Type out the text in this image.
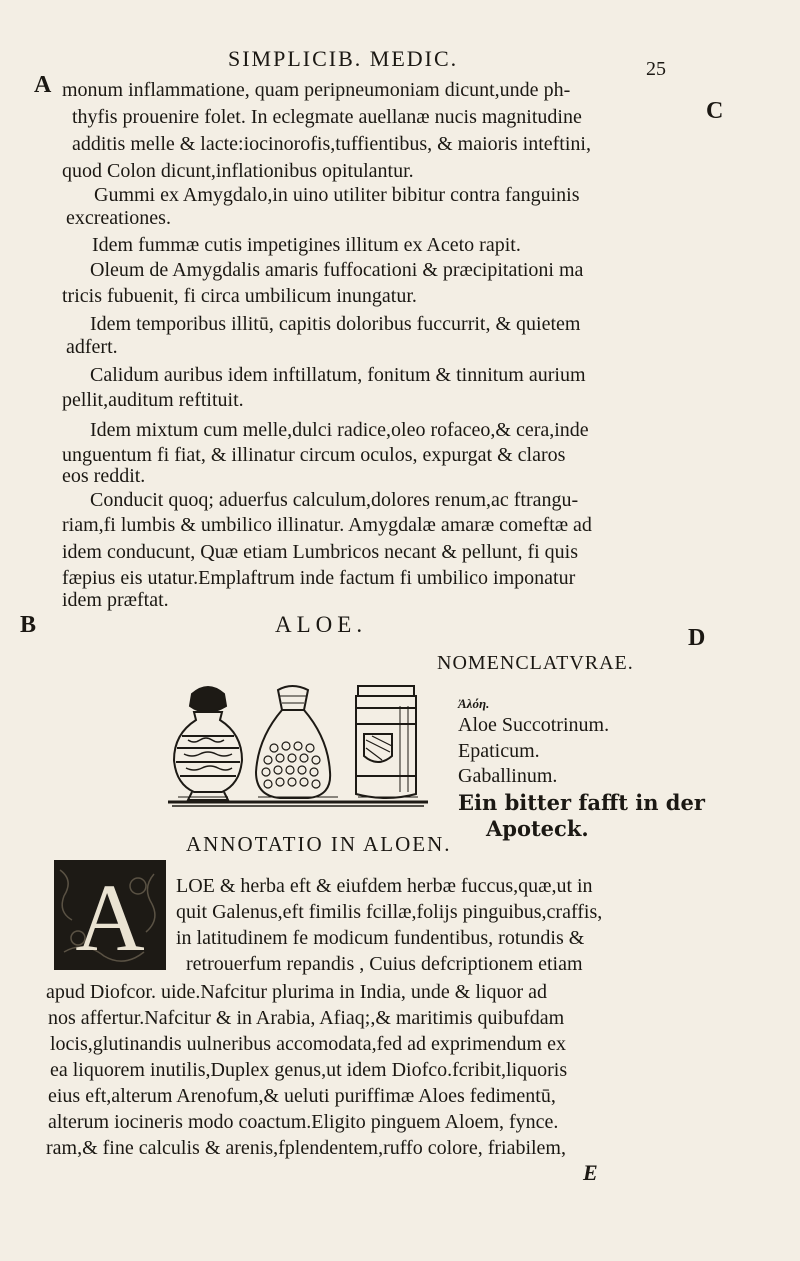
SIMPLICIB. MEDIC.	25
A
C
B	D
E
monum inflammatione, quam peripneumoniam dicunt,unde ph-
thyfis prouenire folet. In eclegmate auellanæ nucis magnitudine
additis melle & lacte:iocinorofis,tuffientibus, & maioris inteftini,
quod Colon dicunt,inflationibus opitulantur.
Gummi ex Amygdalo,in uino utiliter bibitur contra fanguinis
excreationes.
Idem fummæ cutis impetigines illitum ex Aceto rapit.
Oleum de Amygdalis amaris fuffocationi & præcipitationi ma
tricis fubuenit, fi circa umbilicum inungatur.
Idem temporibus illitū, capitis doloribus fuccurrit, & quietem
adfert.
Calidum auribus idem inftillatum, fonitum & tinnitum aurium
pellit,auditum reftituit.
Idem mixtum cum melle,dulci radice,oleo rofaceo,& cera,inde
unguentum fi fiat, & illinatur circum oculos, expurgat & claros
eos reddit.
Conducit quoq; aduerfus calculum,dolores renum,ac ftrangu-
riam,fi lumbis & umbilico illinatur. Amygdalæ amaræ comeftæ ad
idem conducunt, Quæ etiam Lumbricos necant & pellunt, fi quis
fæpius eis utatur.Emplaftrum inde factum fi umbilico imponatur
idem præftat.
ALOE.
NOMENCLATVRAE.
Ἀλόη.
Aloe Succotrinum.
Epaticum.
Gaballinum.
Ein bitter fafft in der
Apoteck.
ANNOTATIO IN ALOEN.
A	LOE & herba eft & eiufdem herbæ fuccus,quæ,ut in
quit Galenus,eft fimilis fcillæ,folijs pinguibus,craffis,
in latitudinem fe modicum fundentibus, rotundis &
retrouerfum repandis , Cuius defcriptionem etiam
apud Diofcor. uide.Nafcitur plurima in India, unde & liquor ad
nos affertur.Nafcitur & in Arabia, Afiaq;,& maritimis quibufdam
locis,glutinandis uulneribus accomodata,fed ad exprimendum ex
ea liquorem inutilis,Duplex genus,ut idem Diofco.fcribit,liquoris
eius eft,alterum Arenofum,& ueluti puriffimæ Aloes fedimentū,
alterum iocineris modo coactum.Eligito pinguem Aloem, fynce.
ram,& fine calculis & arenis,fplendentem,ruffo colore, friabilem,
